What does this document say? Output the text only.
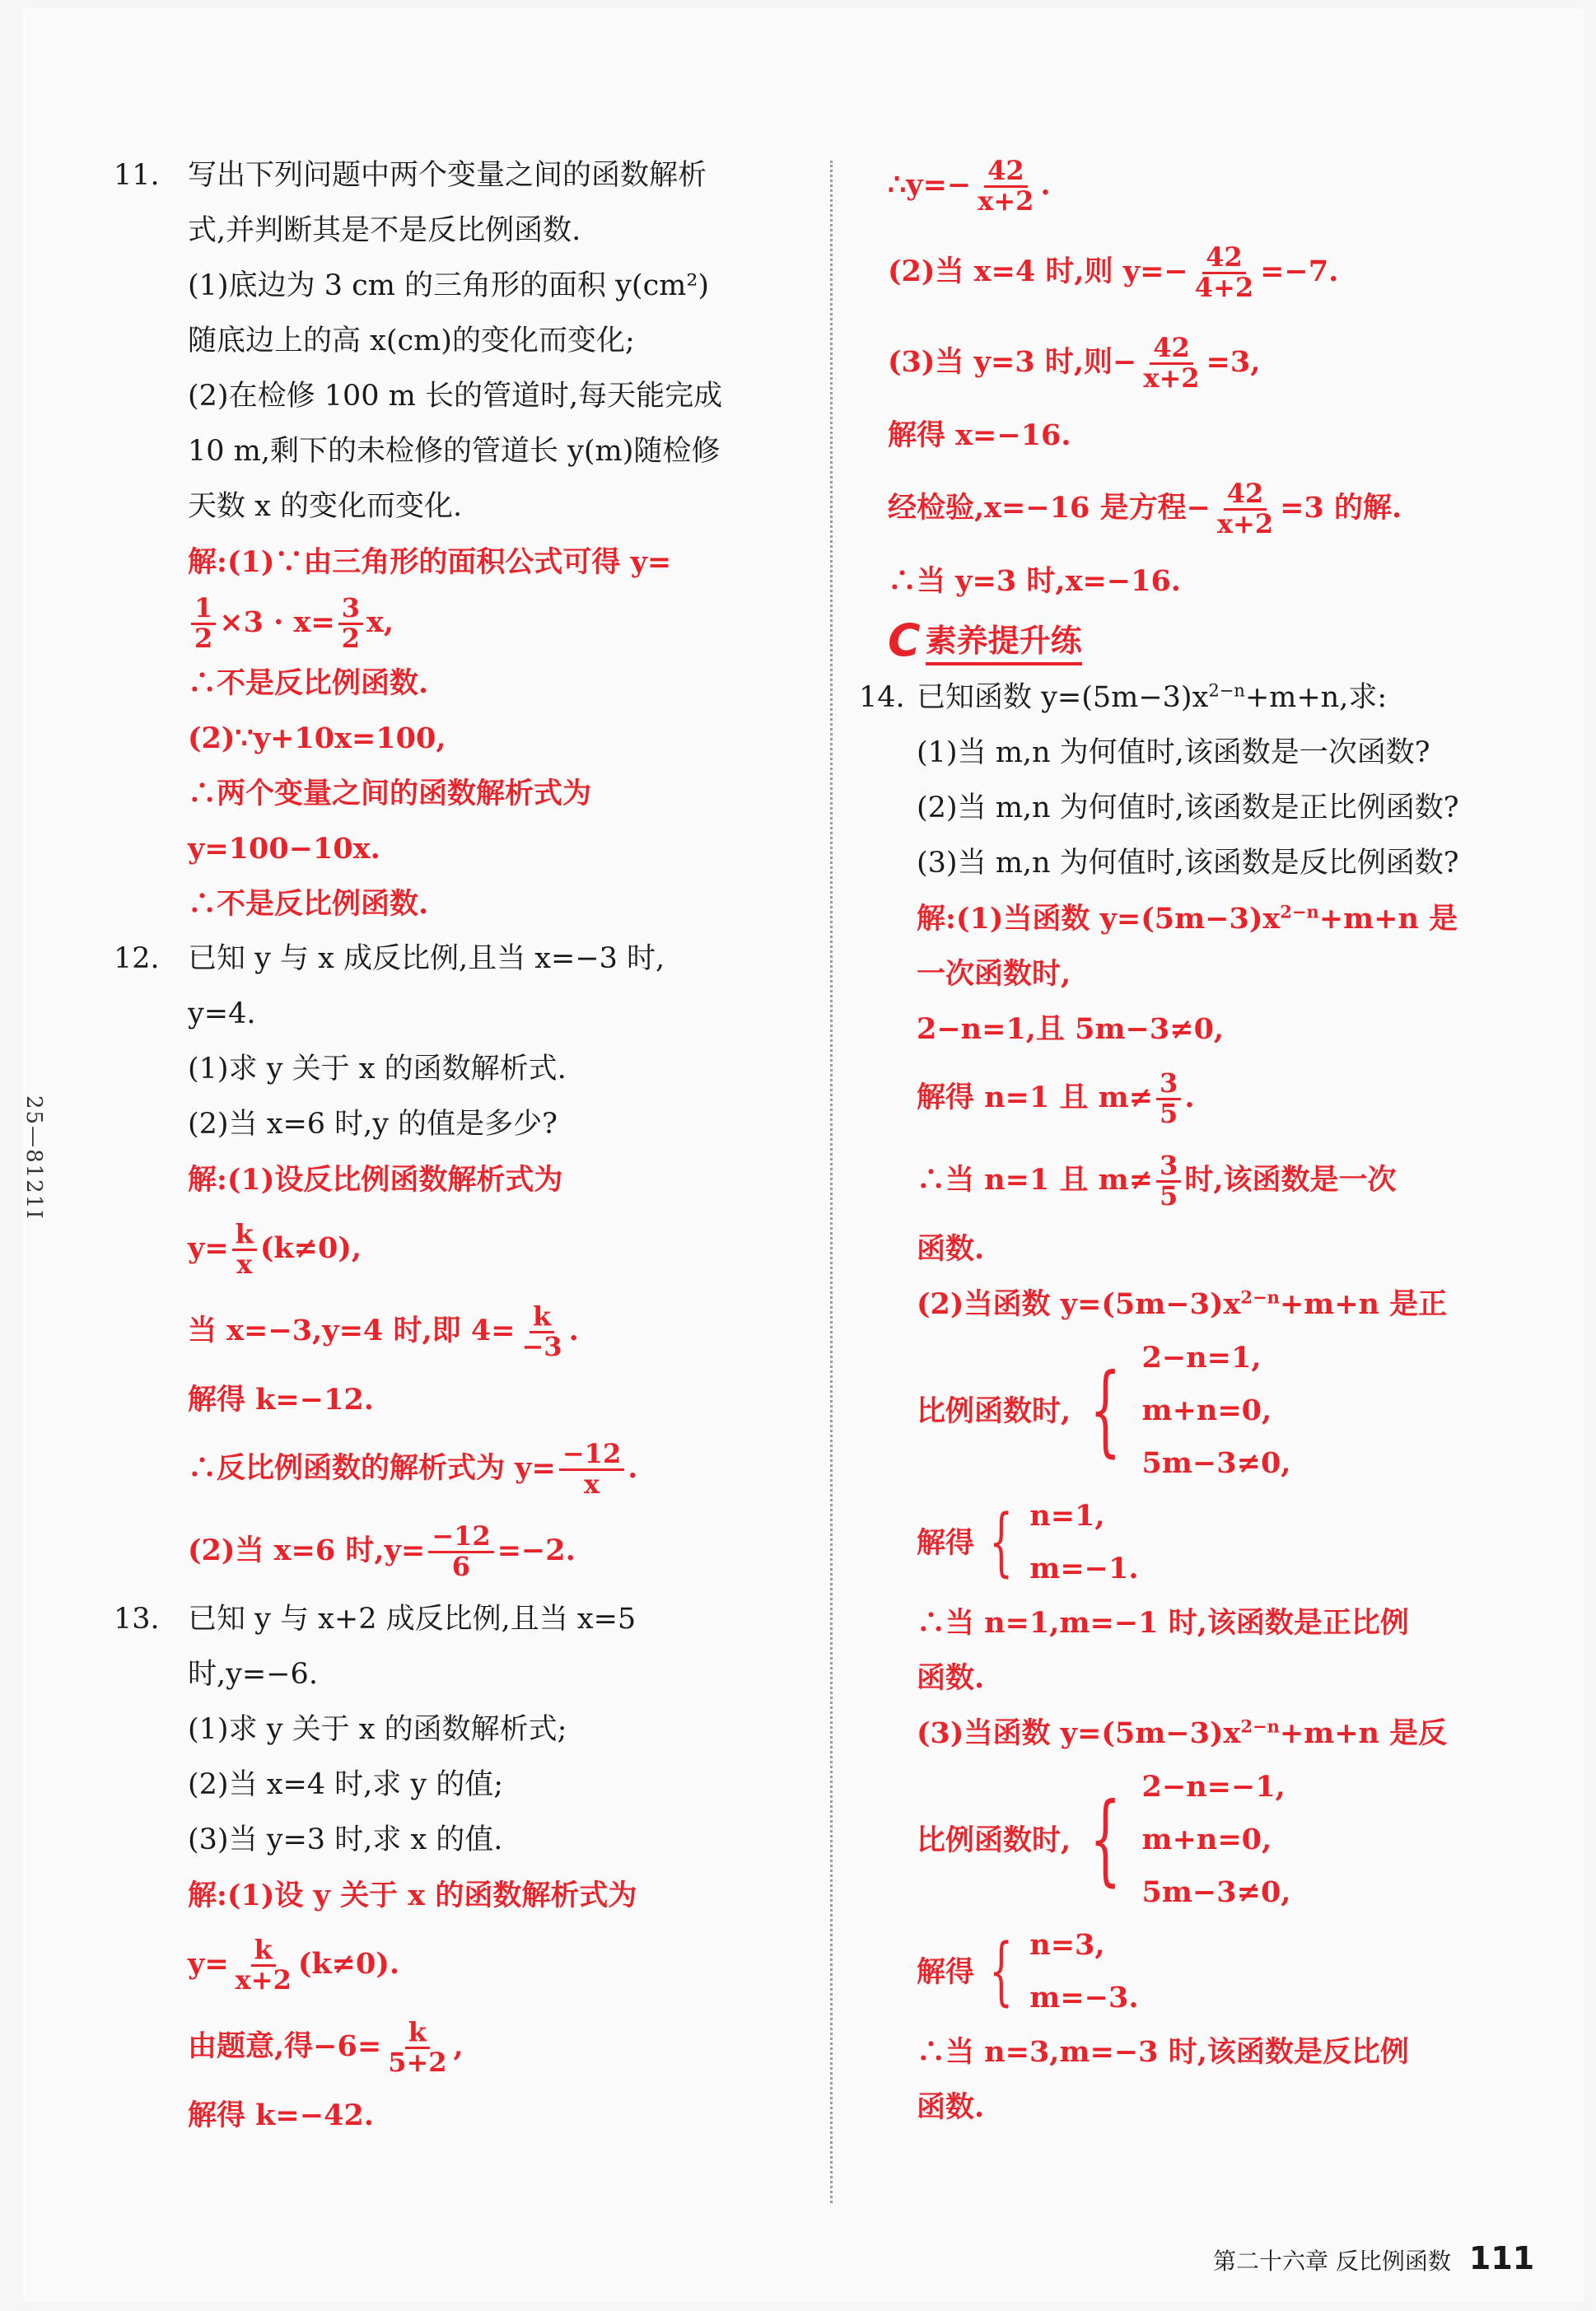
25—8121I
11. 写出下列问题中两个变量之间的函数解析
式,并判断其是不是反比例函数.
(1)底边为 3 cm 的三角形的面积 y(cm²)
随底边上的高 x(cm)的变化而变化;
(2)在检修 100 m 长的管道时,每天能完成
10 m,剩下的未检修的管道长 y(m)随检修
天数 x 的变化而变化.
解:(1)∵由三角形的面积公式可得 y=
$\frac{1}{2} \times 3 \cdot x= \frac{3}{2} x$,
∴不是反比例函数.
(2)∵y+10x=100,
∴两个变量之间的函数解析式为
y=100−10x.
∴不是反比例函数.
12. 已知 y 与 x 成反比例,且当 x=−3 时,
y=4.
(1)求 y 关于 x 的函数解析式.
(2)当 x=6 时,y 的值是多少?
解:(1)设反比例函数解析式为
$y= \frac{k}{x} (k\ne 0)$,
当 x=−3,y=4 时,即 $4= \frac{k}{-3}$ .
解得 k=−12.
∴反比例函数的解析式为 $y= \frac{-12}{x}$ .
(2)当 x=6 时$,y= \frac{-12}{6} =-2$.
13. 已知 y 与 x+2 成反比例,且当 x=5
时,y=−6.
(1)求 y 关于 x 的函数解析式;
(2)当 x=4 时,求 y 的值;
(3)当 y=3 时,求 x 的值.
解:(1)设 y 关于 x 的函数解析式为
$y= \frac{k}{x+2} (k\ne 0)$.
由题意,得$-6= \frac{k}{5+2}$ ,
解得 k=−42.
∴y=− $\frac{42}{x+2}$ .
(2)当 x=4 时,则 $y=- \frac{42}{4+2} =-7$.
(3)当 y=3 时,则− $\frac{42}{x+2} =3$,
解得 x=−16.
经检验,x=−16 是方程− $\frac{42}{x+2} =3$ 的解.
∴当 y=3 时,x=−16.
C 素养提升练
14. 已知函数 $y=(5m-3)x^{2-n}+m+n$,求:
(1)当 m,n 为何值时,该函数是一次函数?
(2)当 m,n 为何值时,该函数是正比例函数?
(3)当 m,n 为何值时,该函数是反比例函数?
解:(1)当函数 $y=(5m-3)x^{2-n}+m+n$ 是
一次函数时,
2−n=1,且 5m−3≠0,
解得 n=1 且 $m\ne \frac{3}{5}$ .
∴当 n=1 且 $m\ne \frac{3}{5}$ 时,该函数是一次
函数.
(2)当函数 $y=(5m-3)x^{2-n}+m+n$ 是正
比例函数时, { 2−n=1,
m+n=0,
5m−3≠0,
解得 { n=1,
m=−1.
∴当 n=1,m=−1 时,该函数是正比例
函数.
(3)当函数 $y=(5m-3)x^{2-n}+m+n$ 是反
比例函数时, { 2−n=−1,
m+n=0,
5m−3≠0,
解得 { n=3,
m=−3.
∴当 n=3,m=−3 时,该函数是反比例
函数.
第二十六章 反比例函数 111
